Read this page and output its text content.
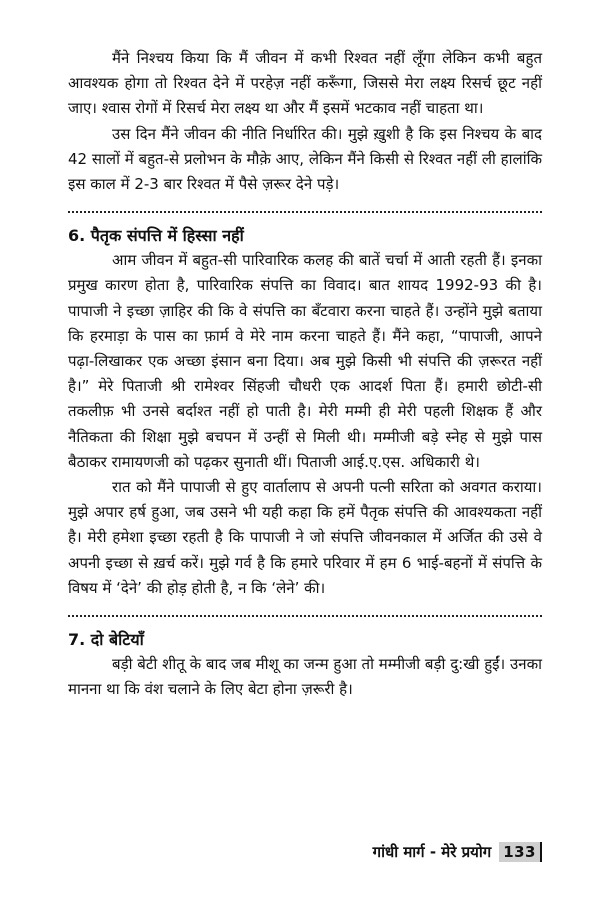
मैंने निश्चय किया कि मैं जीवन में कभी रिश्वत नहीं लूँगा लेकिन कभी बहुत आवश्यक होगा तो रिश्वत देने में परहेज़ नहीं करूँगा, जिससे मेरा लक्ष्य रिसर्च छूट नहीं जाए। श्वास रोगों में रिसर्च मेरा लक्ष्य था और मैं इसमें भटकाव नहीं चाहता था।

उस दिन मैंने जीवन की नीति निर्धारित की। मुझे ख़ुशी है कि इस निश्चय के बाद 42 सालों में बहुत-से प्रलोभन के मौक़े आए, लेकिन मैंने किसी से रिश्वत नहीं ली हालांकि इस काल में 2-3 बार रिश्वत में पैसे ज़रूर देने पड़े।

6. पैतृक संपत्ति में हिस्सा नहीं

आम जीवन में बहुत-सी पारिवारिक कलह की बातें चर्चा में आती रहती हैं। इनका प्रमुख कारण होता है, पारिवारिक संपत्ति का विवाद। बात शायद 1992-93 की है। पापाजी ने इच्छा ज़ाहिर की कि वे संपत्ति का बँटवारा करना चाहते हैं। उन्होंने मुझे बताया कि हरमाड़ा के पास का फ़ार्म वे मेरे नाम करना चाहते हैं। मैंने कहा, “पापाजी, आपने पढ़ा-लिखाकर एक अच्छा इंसान बना दिया। अब मुझे किसी भी संपत्ति की ज़रूरत नहीं है।” मेरे पिताजी श्री रामेश्वर सिंहजी चौधरी एक आदर्श पिता हैं। हमारी छोटी-सी तकलीफ़ भी उनसे बर्दाश्त नहीं हो पाती है। मेरी मम्मी ही मेरी पहली शिक्षक हैं और नैतिकता की शिक्षा मुझे बचपन में उन्हीं से मिली थी। मम्मीजी बड़े स्नेह से मुझे पास बैठाकर रामायणजी को पढ़कर सुनाती थीं। पिताजी आई.ए.एस. अधिकारी थे।

रात को मैंने पापाजी से हुए वार्तालाप से अपनी पत्नी सरिता को अवगत कराया। मुझे अपार हर्ष हुआ, जब उसने भी यही कहा कि हमें पैतृक संपत्ति की आवश्यकता नहीं है। मेरी हमेशा इच्छा रहती है कि पापाजी ने जो संपत्ति जीवनकाल में अर्जित की उसे वे अपनी इच्छा से ख़र्च करें। मुझे गर्व है कि हमारे परिवार में हम 6 भाई-बहनों में संपत्ति के विषय में ‘देने’ की होड़ होती है, न कि ‘लेने’ की।

7. दो बेटियाँ

बड़ी बेटी शीतू के बाद जब मीशू का जन्म हुआ तो मम्मीजी बड़ी दु:खी हुईं। उनका मानना था कि वंश चलाने के लिए बेटा होना ज़रूरी है।

गांधी मार्ग - मेरे प्रयोग 133
